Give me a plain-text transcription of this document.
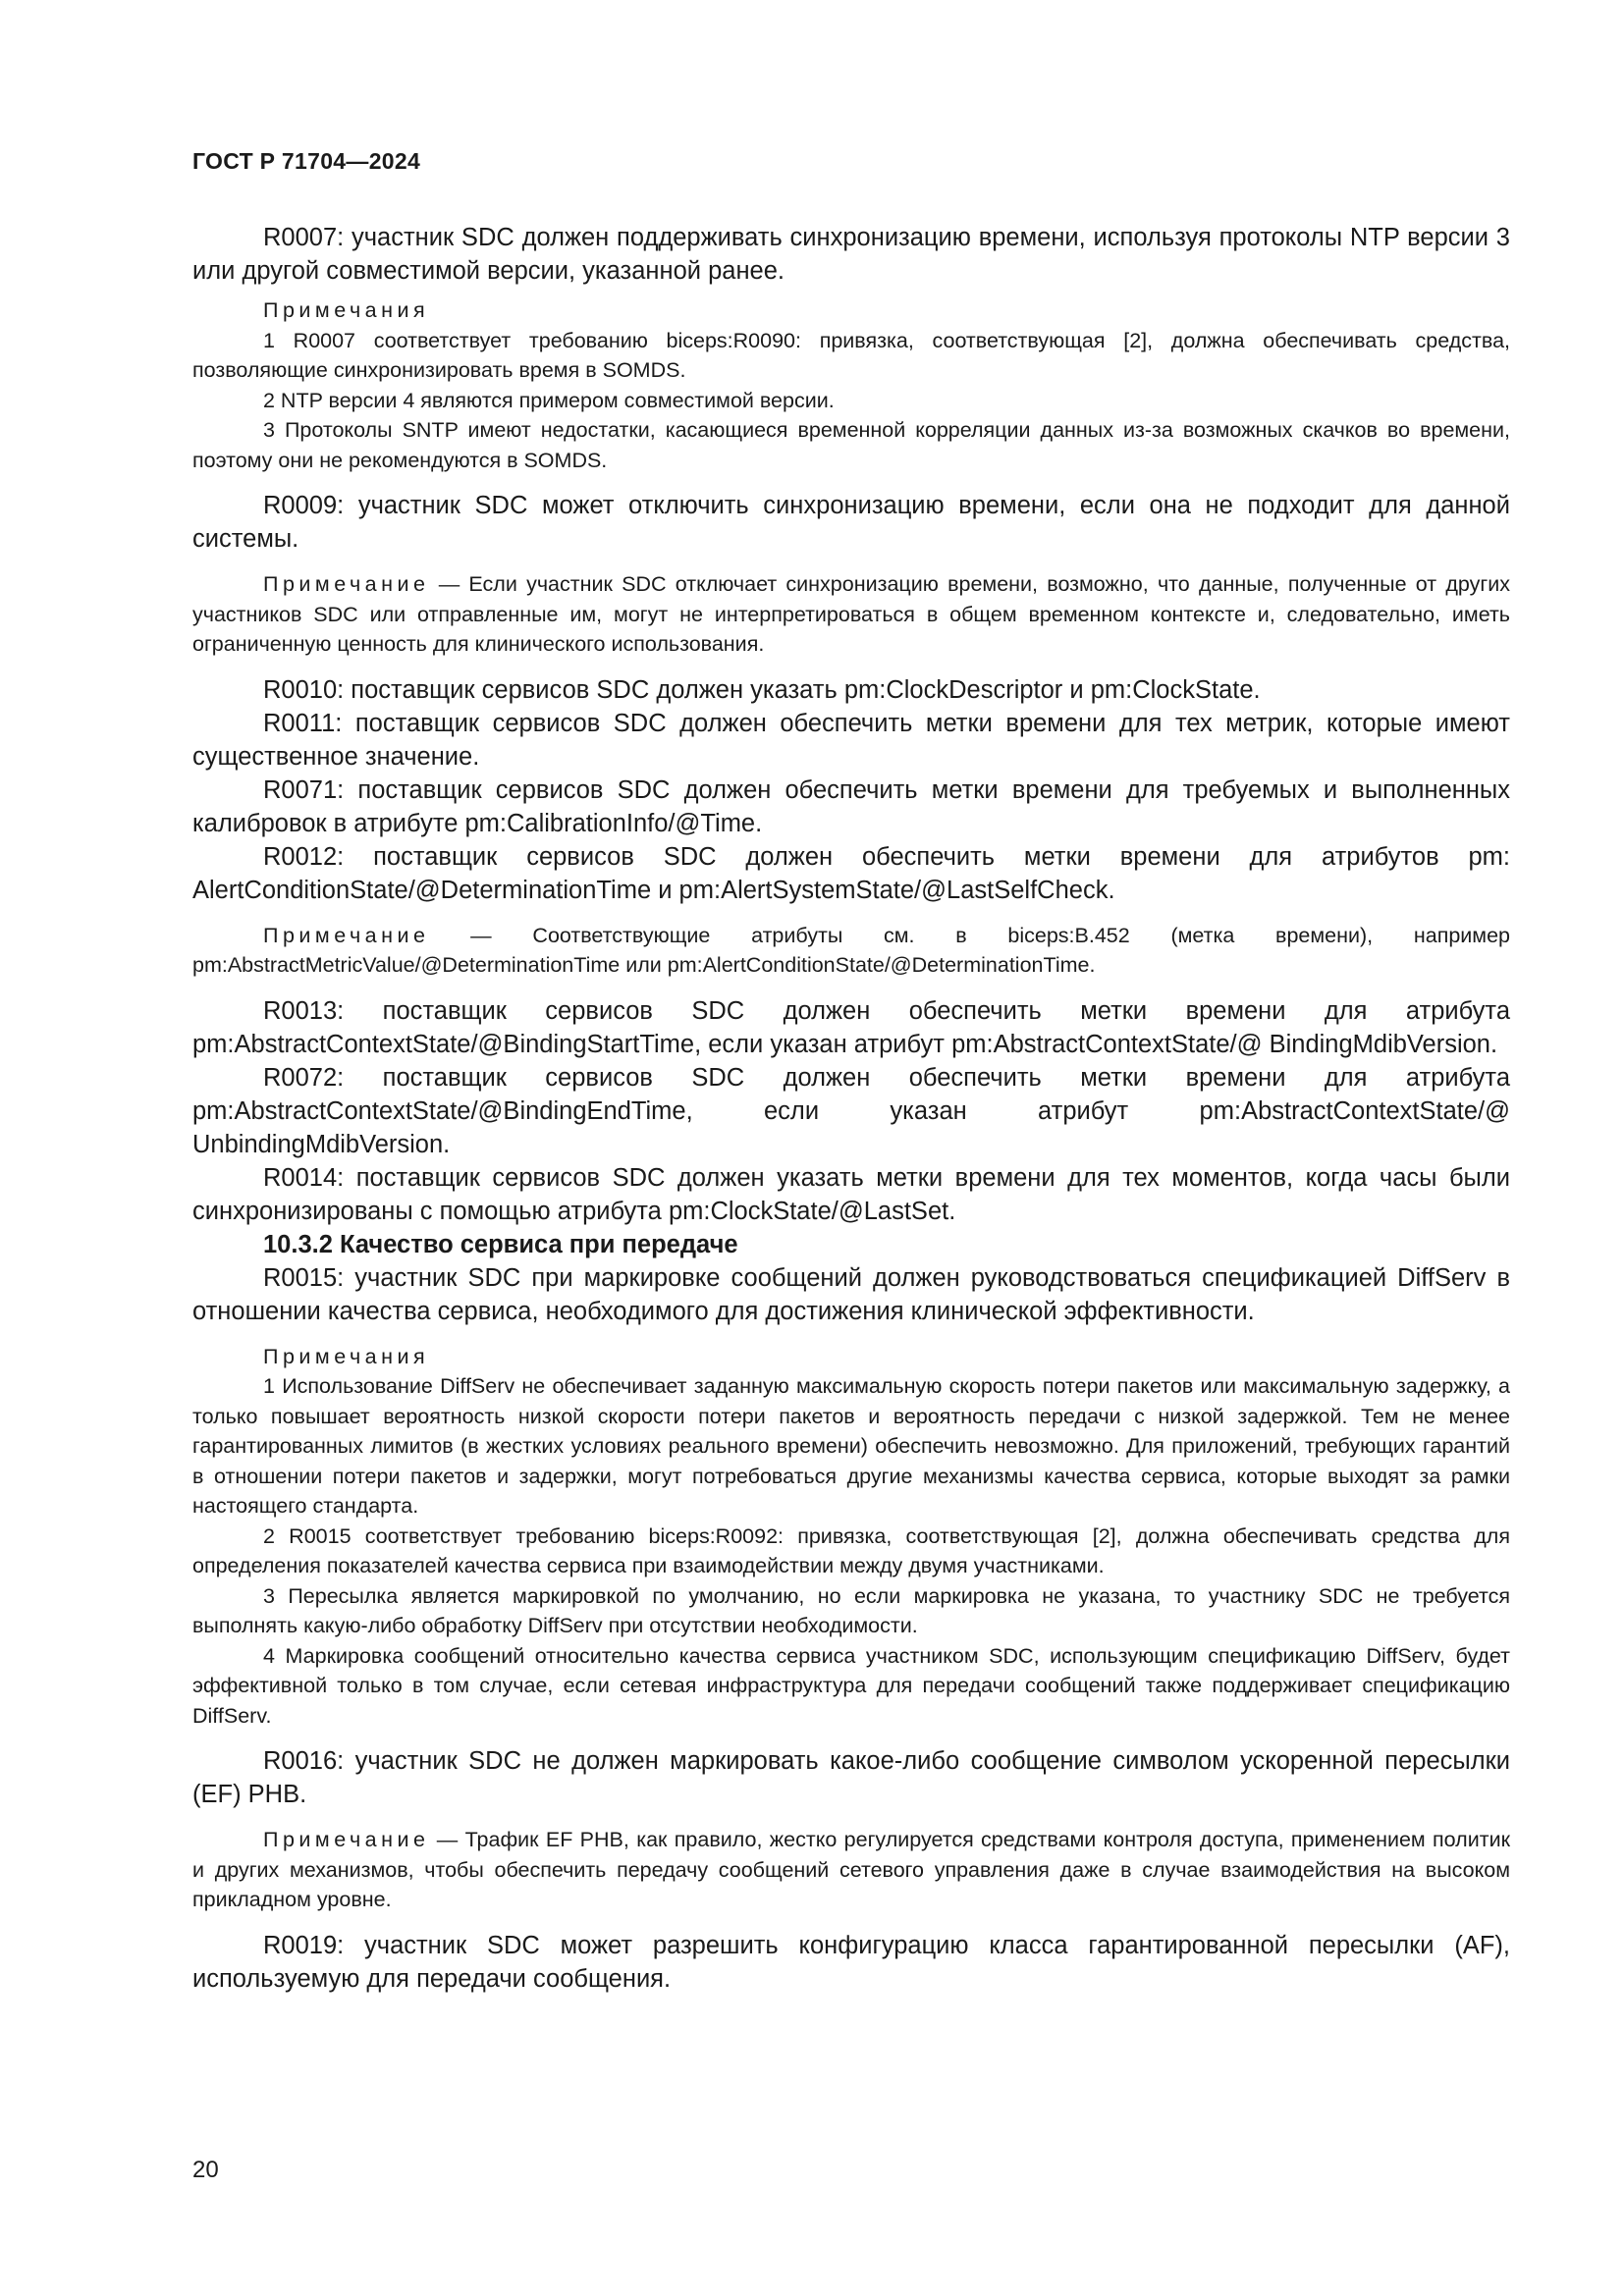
ГОСТ Р 71704—2024

R0007: участник SDC должен поддерживать синхронизацию времени, используя протоколы NTP версии 3 или другой совместимой версии, указанной ранее.

Примечания

1 R0007 соответствует требованию biceps:R0090: привязка, соответствующая [2], должна обеспечивать средства, позволяющие синхронизировать время в SOMDS.

2 NTP версии 4 являются примером совместимой версии.

3 Протоколы SNTP имеют недостатки, касающиеся временной корреляции данных из-за возможных скачков во времени, поэтому они не рекомендуются в SOMDS.

R0009: участник SDC может отключить синхронизацию времени, если она не подходит для данной системы.

Примечание — Если участник SDC отключает синхронизацию времени, возможно, что данные, полученные от других участников SDC или отправленные им, могут не интерпретироваться в общем временном контексте и, следовательно, иметь ограниченную ценность для клинического использования.

R0010: поставщик сервисов SDC должен указать pm:ClockDescriptor и pm:ClockState.

R0011: поставщик сервисов SDC должен обеспечить метки времени для тех метрик, которые имеют существенное значение.

R0071: поставщик сервисов SDC должен обеспечить метки времени для требуемых и выполненных калибровок в атрибуте pm:CalibrationInfo/@Time.

R0012: поставщик сервисов SDC должен обеспечить метки времени для атрибутов pm: AlertConditionState/@DeterminationTime и pm:AlertSystemState/@LastSelfCheck.

Примечание — Соответствующие атрибуты см. в biceps:B.452 (метка времени), например pm:AbstractMetricValue/@DeterminationTime или pm:AlertConditionState/@DeterminationTime.

R0013: поставщик сервисов SDC должен обеспечить метки времени для атрибута pm:AbstractContextState/@BindingStartTime, если указан атрибут pm:AbstractContextState/@ BindingMdibVersion.

R0072: поставщик сервисов SDC должен обеспечить метки времени для атрибута pm:AbstractContextState/@BindingEndTime, если указан атрибут pm:AbstractContextState/@ UnbindingMdibVersion.

R0014: поставщик сервисов SDC должен указать метки времени для тех моментов, когда часы были синхронизированы с помощью атрибута pm:ClockState/@LastSet.

10.3.2 Качество сервиса при передаче

R0015: участник SDC при маркировке сообщений должен руководствоваться спецификацией DiffServ в отношении качества сервиса, необходимого для достижения клинической эффективности.

Примечания

1 Использование DiffServ не обеспечивает заданную максимальную скорость потери пакетов или максимальную задержку, а только повышает вероятность низкой скорости потери пакетов и вероятность передачи с низкой задержкой. Тем не менее гарантированных лимитов (в жестких условиях реального времени) обеспечить невозможно. Для приложений, требующих гарантий в отношении потери пакетов и задержки, могут потребоваться другие механизмы качества сервиса, которые выходят за рамки настоящего стандарта.

2 R0015 соответствует требованию biceps:R0092: привязка, соответствующая [2], должна обеспечивать средства для определения показателей качества сервиса при взаимодействии между двумя участниками.

3 Пересылка является маркировкой по умолчанию, но если маркировка не указана, то участнику SDC не требуется выполнять какую-либо обработку DiffServ при отсутствии необходимости.

4 Маркировка сообщений относительно качества сервиса участником SDC, использующим спецификацию DiffServ, будет эффективной только в том случае, если сетевая инфраструктура для передачи сообщений также поддерживает спецификацию DiffServ.

R0016: участник SDC не должен маркировать какое-либо сообщение символом ускоренной пересылки (EF) PHB.

Примечание — Трафик EF PHB, как правило, жестко регулируется средствами контроля доступа, применением политик и других механизмов, чтобы обеспечить передачу сообщений сетевого управления даже в случае взаимодействия на высоком прикладном уровне.

R0019: участник SDC может разрешить конфигурацию класса гарантированной пересылки (AF), используемую для передачи сообщения.

20
